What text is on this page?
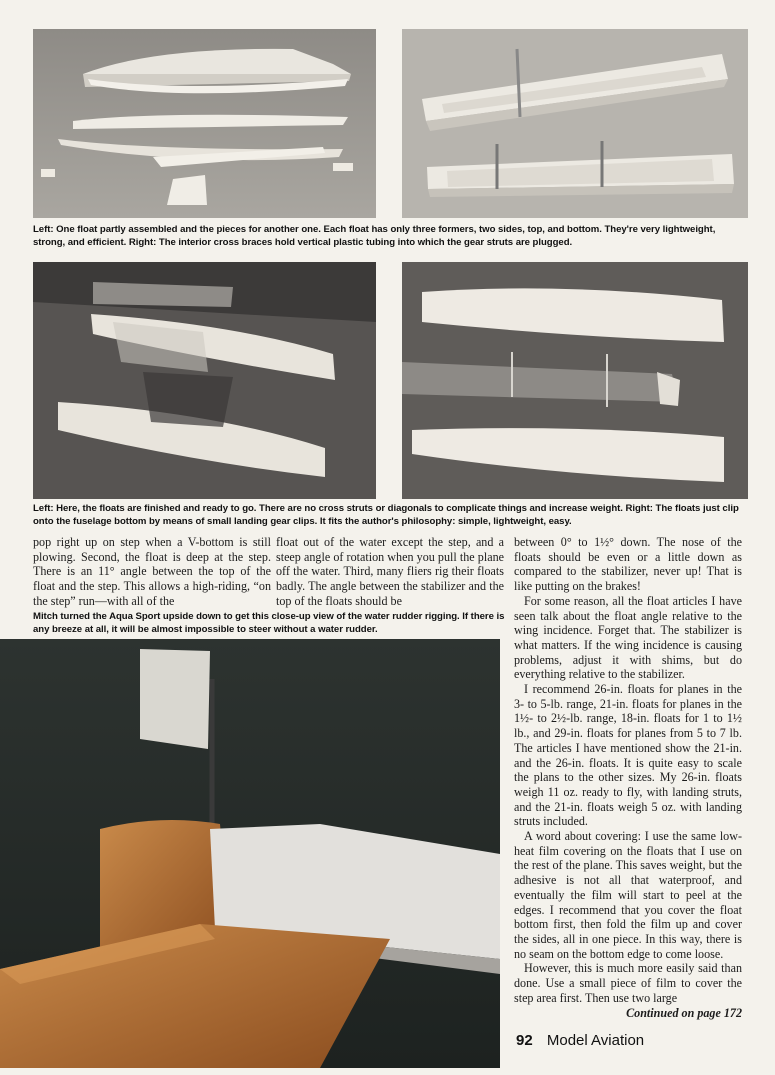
Left: One float partly assembled and the pieces for another one. Each float has only three formers, two sides, top, and bottom. They're very lightweight, strong, and efficient. Right: The interior cross braces hold vertical plastic tubing into which the gear struts are plugged.
Left: Here, the floats are finished and ready to go. There are no cross struts or diagonals to complicate things and increase weight. Right: The floats just clip onto the fuselage bottom by means of small landing gear clips. It fits the author's philosophy: simple, lightweight, easy.

pop right up on step when a V-bottom is still plowing. Second, the float is deep at the step. There is an 11° angle between the top of the float and the step. This allows a high-riding, “on the step” run—with all of the

float out of the water except the step, and a steep angle of rotation when you pull the plane off the water. Third, many fliers rig their floats badly. The angle between the stabilizer and the top of the floats should be

Mitch turned the Aqua Sport upside down to get this close-up view of the water rudder rigging. If there is any breeze at all, it will be almost impossible to steer without a water rudder.

between 0° to 1½° down. The nose of the floats should be even or a little down as compared to the stabilizer, never up! That is like putting on the brakes!

For some reason, all the float articles I have seen talk about the float angle relative to the wing incidence. Forget that. The stabilizer is what matters. If the wing incidence is causing problems, adjust it with shims, but do everything relative to the stabilizer.

I recommend 26-in. floats for planes in the 3- to 5-lb. range, 21-in. floats for planes in the 1½- to 2½-lb. range, 18-in. floats for 1 to 1½ lb., and 29-in. floats for planes from 5 to 7 lb. The articles I have mentioned show the 21-in. and the 26-in. floats. It is quite easy to scale the plans to the other sizes. My 26-in. floats weigh 11 oz. ready to fly, with landing struts, and the 21-in. floats weigh 5 oz. with landing struts included.

A word about covering: I use the same low-heat film covering on the floats that I use on the rest of the plane. This saves weight, but the adhesive is not all that waterproof, and eventually the film will start to peel at the edges. I recommend that you cover the float bottom first, then fold the film up and cover the sides, all in one piece. In this way, there is no seam on the bottom edge to come loose.

However, this is much more easily said than done. Use a small piece of film to cover the step area first. Then use two large

Continued on page 172

92 Model Aviation
